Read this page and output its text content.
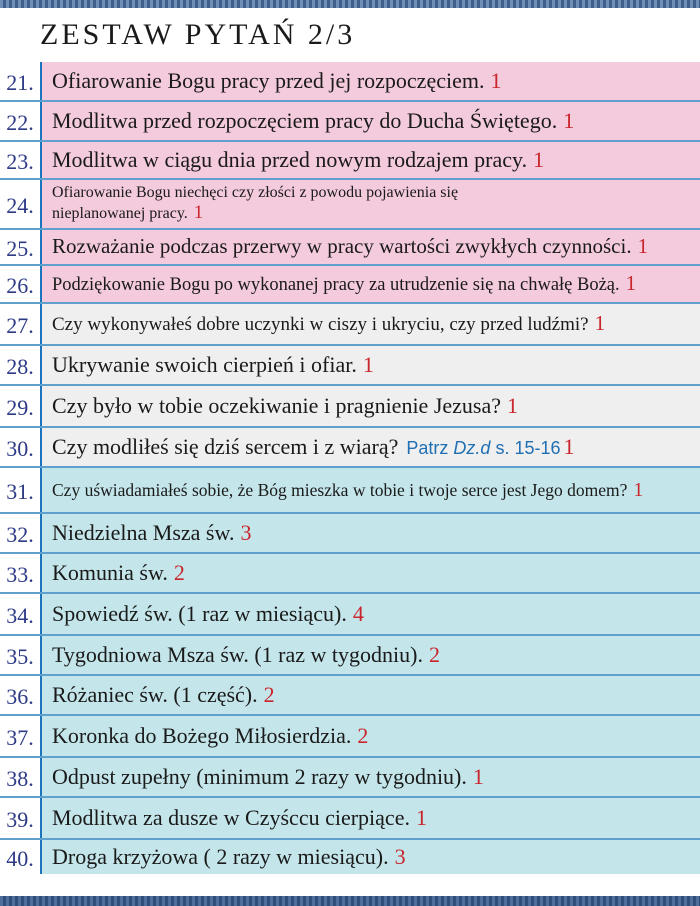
ZESTAW PYTAŃ 2/3
21. Ofiarowanie Bogu pracy przed jej rozpoczęciem. 1
22. Modlitwa przed rozpoczęciem pracy do Ducha Świętego. 1
23. Modlitwa w ciągu dnia przed nowym rodzajem pracy. 1
24.
Ofiarowanie Bogu niechęci czy złości z powodu pojawienia się nieplanowanej pracy. 1
25. Rozważanie podczas przerwy w pracy wartości zwykłych czynności. 1
26. Podziękowanie Bogu po wykonanej pracy za utrudzenie się na chwałę Bożą. 1
27. Czy wykonywałeś dobre uczynki w ciszy i ukryciu, czy przed ludźmi? 1
28. Ukrywanie swoich cierpień i ofiar. 1
29. Czy było w tobie oczekiwanie i pragnienie Jezusa? 1
30. Czy modliłeś się dziś sercem i z wiarą? Patrz Dz.d s. 15-16 1
31. Czy uświadamiałeś sobie, że Bóg mieszka w tobie i twoje serce jest Jego domem? 1
32. Niedzielna Msza św. 3
33. Komunia św. 2
34. Spowiedź św. (1 raz w miesiącu). 4
35. Tygodniowa Msza św. (1 raz w tygodniu). 2
36. Różaniec św. (1 część). 2
37. Koronka do Bożego Miłosierdzia. 2
38. Odpust zupełny (minimum 2 razy w tygodniu). 1
39. Modlitwa za dusze w Czyśccu cierpiące. 1
40. Droga krzyżowa ( 2 razy w miesiącu). 3
